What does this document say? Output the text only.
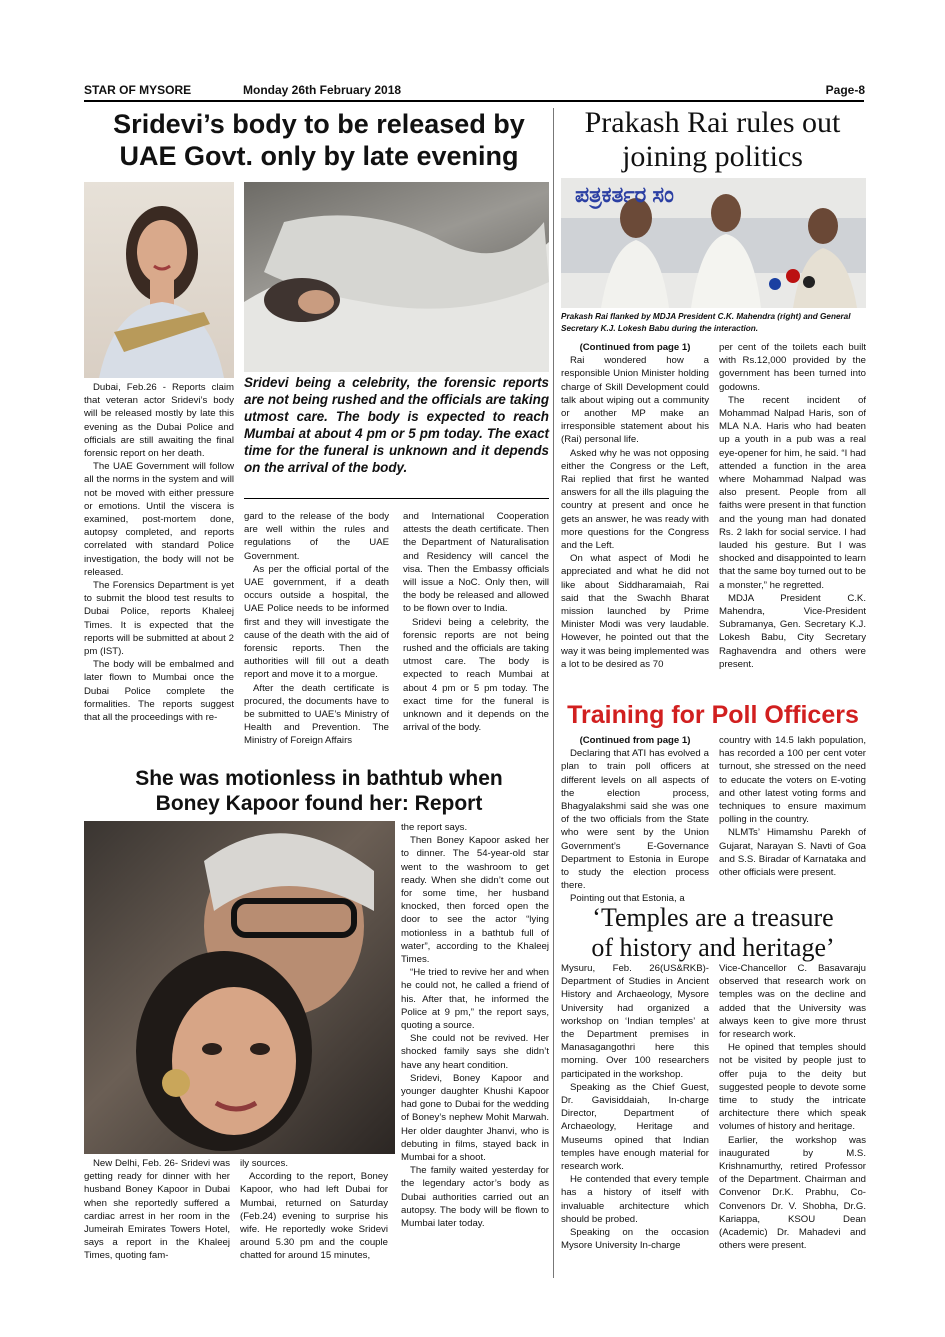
STAR OF MYSORE	Monday 26th February 2018	Page-8
Sridevi’s body to be released by
UAE Govt. only by late evening
Sridevi being a celebrity, the forensic reports are not being rushed and the officials are taking utmost care. The body is expected to reach Mumbai at about 4 pm or 5 pm today. The exact time for the funeral is unknown and it depends on the arrival of the body.

Dubai, Feb.26 - Reports claim that veteran actor Sridevi’s body will be released mostly by late this evening as the Dubai Police and officials are still awaiting the final forensic report on her death.

The UAE Government will follow all the norms in the system and will not be moved with either pressure or emotions. Until the viscera is examined, post-mortem done, autopsy completed, and reports correlated with standard Police investigation, the body will not be released.

The Forensics Department is yet to submit the blood test results to Dubai Police, reports Khaleej Times. It is expected that the reports will be submitted at about 2 pm (IST).

The body will be embalmed and later flown to Mumbai once the Dubai Police complete the formalities. The reports suggest that all the proceedings with re-

gard to the release of the body are well within the rules and regulations of the UAE Government.

As per the official portal of the UAE government, if a death occurs outside a hospital, the UAE Police needs to be informed first and they will investigate the cause of the death with the aid of forensic reports. Then the authorities will fill out a death report and move it to a morgue.

After the death certificate is procured, the documents have to be submitted to UAE’s Ministry of Health and Prevention. The Ministry of Foreign Affairs

and International Cooperation attests the death certificate. Then the Department of Naturalisation and Residency will cancel the visa. Then the Embassy officials will issue a NoC. Only then, will the body be released and allowed to be flown over to India.

Sridevi being a celebrity, the forensic reports are not being rushed and the officials are taking utmost care. The body is expected to reach Mumbai at about 4 pm or 5 pm today. The exact time for the funeral is unknown and it depends on the arrival of the body.

She was motionless in bathtub when
Boney Kapoor found her: Report

New Delhi, Feb. 26- Sridevi was getting ready for dinner with her husband Boney Kapoor in Dubai when she reportedly suffered a cardiac arrest in her room in the Jumeirah Emirates Towers Hotel, says a report in the Khaleej Times, quoting fam-

ily sources.

According to the report, Boney Kapoor, who had left Dubai for Mumbai, returned on Saturday (Feb.24) evening to surprise his wife. He reportedly woke Sridevi around 5.30 pm and the couple chatted for around 15 minutes,

the report says.

Then Boney Kapoor asked her to dinner. The 54-year-old star went to the washroom to get ready. When she didn’t come out for some time, her husband knocked, then forced open the door to see the actor “lying motionless in a bathtub full of water”, according to the Khaleej Times.

“He tried to revive her and when he could not, he called a friend of his. After that, he informed the Police at 9 pm,” the report says, quoting a source.

She could not be revived. Her shocked family says she didn’t have any heart condition.

Sridevi, Boney Kapoor and younger daughter Khushi Kapoor had gone to Dubai for the wedding of Boney’s nephew Mohit Marwah. Her older daughter Jhanvi, who is debuting in films, stayed back in Mumbai for a shoot.

The family waited yesterday for the legendary actor’s body as Dubai authorities carried out an autopsy. The body will be flown to Mumbai later today.

Prakash Rai rules out
joining politics
ಪತ್ರಕರ್ತರ ಸಂ
Prakash Rai flanked by MDJA President C.K. Mahendra (right) and General Secretary K.J. Lokesh Babu during the interaction.

(Continued from page 1)

Rai wondered how a responsible Union Minister holding charge of Skill Development could talk about wiping out a community or another MP make an irresponsible statement about his (Rai) personal life.

Asked why he was not opposing either the Congress or the Left, Rai replied that first he wanted answers for all the ills plaguing the country at present and once he gets an answer, he was ready with more questions for the Congress and the Left.

On what aspect of Modi he appreciated and what he did not like about Siddharamaiah, Rai said that the Swachh Bharat mission launched by Prime Minister Modi was very laudable. However, he pointed out that the way it was being implemented was a lot to be desired as 70

per cent of the toilets each built with Rs.12,000 provided by the government has been turned into godowns.

The recent incident of Mohammad Nalpad Haris, son of MLA N.A. Haris who had beaten up a youth in a pub was a real eye-opener for him, he said. “I had attended a function in the area where Mohammad Nalpad was also present. People from all faiths were present in that function and the young man had donated Rs. 2 lakh for social service. I had lauded his gesture. But I was shocked and disappointed to learn that the same boy turned out to be a monster,” he regretted.

MDJA President C.K. Mahendra, Vice-President Subramanya, Gen. Secretary K.J. Lokesh Babu, City Secretary Raghavendra and others were present.

Training for Poll Officers

(Continued from page 1)

Declaring that ATI has evolved a plan to train poll officers at different levels on all aspects of the election process, Bhagyalakshmi said she was one of the two officials from the State who were sent by the Union Government’s E-Governance Department to Estonia in Europe to study the election process there.

Pointing out that Estonia, a

country with 14.5 lakh population, has recorded a 100 per cent voter turnout, she stressed on the need to educate the voters on E-voting and other latest voting forms and techniques to ensure maximum polling in the country.

NLMTs’ Himamshu Parekh of Gujarat, Narayan S. Navti of Goa and S.S. Biradar of Karnataka and other officials were present.

‘Temples are a treasure
of history and heritage’

Mysuru, Feb. 26(US&RKB)- Department of Studies in Ancient History and Archaeology, Mysore University had organized a workshop on ‘Indian temples’ at the Department premises in Manasagangothri here this morning. Over 100 researchers participated in the workshop.

Speaking as the Chief Guest, Dr. Gavisiddaiah, In-charge Director, Department of Archaeology, Heritage and Museums opined that Indian temples have enough material for research work.

He contended that every temple has a history of itself with invaluable architecture which should be probed.

Speaking on the occasion Mysore University In-charge

Vice-Chancellor C. Basavaraju observed that research work on temples was on the decline and added that the University was always keen to give more thrust for research work.

He opined that temples should not be visited by people just to offer puja to the deity but suggested people to devote some time to study the intricate architecture there which speak volumes of history and heritage.

Earlier, the workshop was inaugurated by M.S. Krishnamurthy, retired Professor of the Department. Chairman and Convenor Dr.K. Prabhu, Co-Convenors Dr. V. Shobha, Dr.G. Kariappa, KSOU Dean (Academic) Dr. Mahadevi and others were present.
